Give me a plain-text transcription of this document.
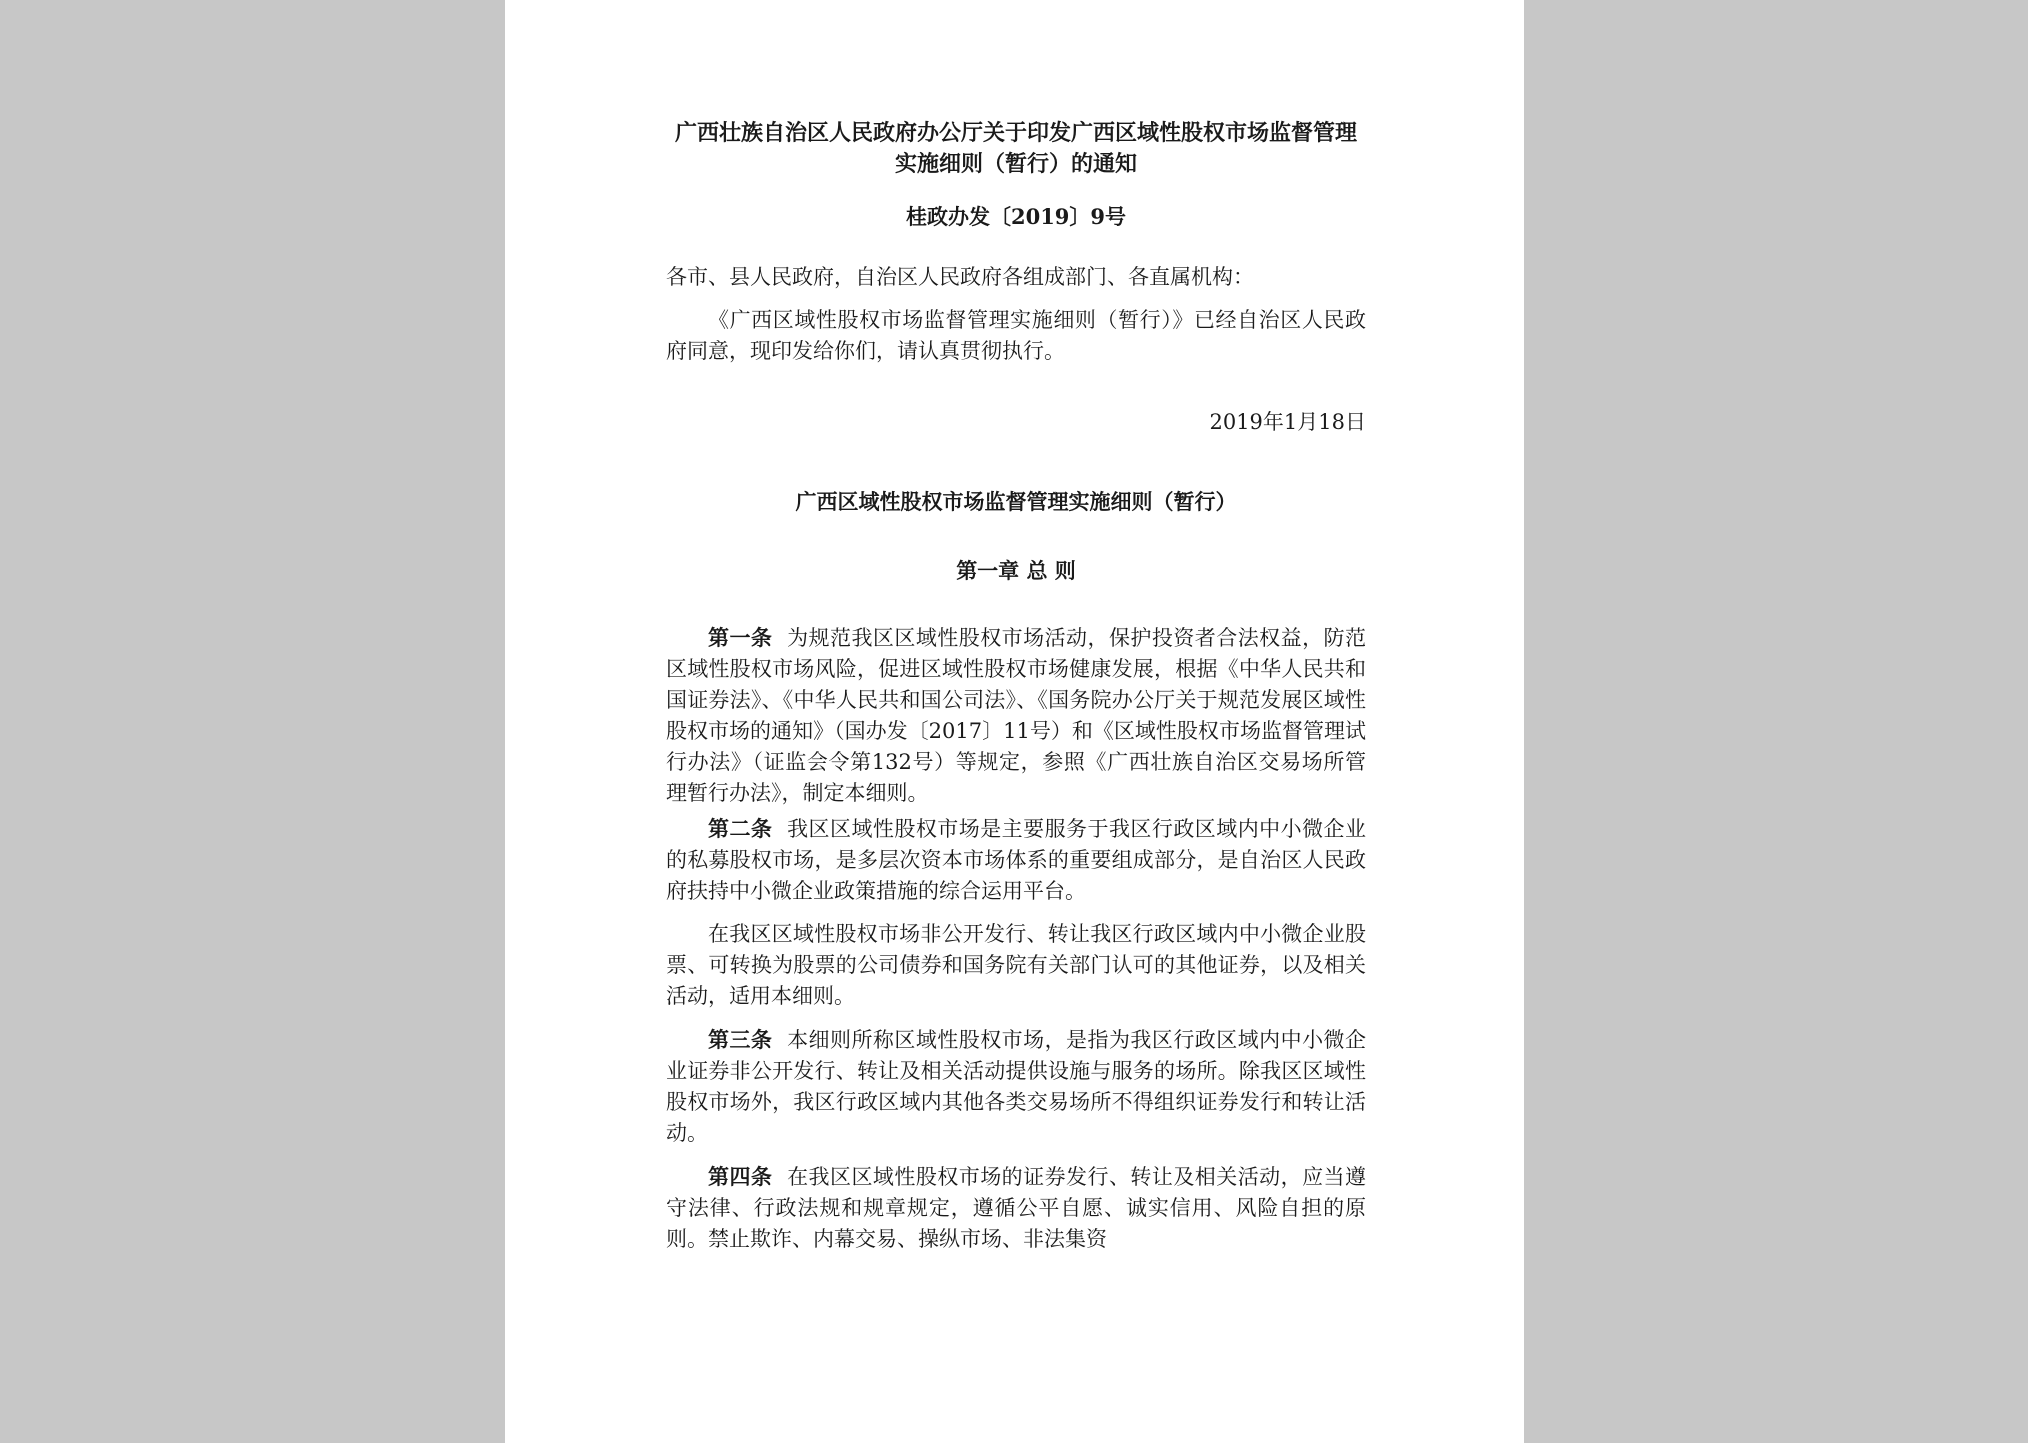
广西壮族自治区人民政府办公厅关于印发广西区域性股权市场监督管理实施细则（暂行）的通知

桂政办发〔2019〕9号

各市、县人民政府，自治区人民政府各组成部门、各直属机构：

《广西区域性股权市场监督管理实施细则（暂行）》已经自治区人民政府同意，现印发给你们，请认真贯彻执行。

2019年1月18日

广西区域性股权市场监督管理实施细则（暂行）
第一章 总 则

第一条 为规范我区区域性股权市场活动，保护投资者合法权益，防范区域性股权市场风险，促进区域性股权市场健康发展，根据《中华人民共和国证券法》、《中华人民共和国公司法》、《国务院办公厅关于规范发展区域性股权市场的通知》（国办发〔2017〕11号）和《区域性股权市场监督管理试行办法》（证监会令第132号）等规定，参照《广西壮族自治区交易场所管理暂行办法》，制定本细则。

第二条 我区区域性股权市场是主要服务于我区行政区域内中小微企业的私募股权市场，是多层次资本市场体系的重要组成部分，是自治区人民政府扶持中小微企业政策措施的综合运用平台。

在我区区域性股权市场非公开发行、转让我区行政区域内中小微企业股票、可转换为股票的公司债券和国务院有关部门认可的其他证券，以及相关活动，适用本细则。

第三条 本细则所称区域性股权市场，是指为我区行政区域内中小微企业证券非公开发行、转让及相关活动提供设施与服务的场所。除我区区域性股权市场外，我区行政区域内其他各类交易场所不得组织证券发行和转让活动。

第四条 在我区区域性股权市场的证券发行、转让及相关活动，应当遵守法律、行政法规和规章规定，遵循公平自愿、诚实信用、风险自担的原则。禁止欺诈、内幕交易、操纵市场、非法集资
